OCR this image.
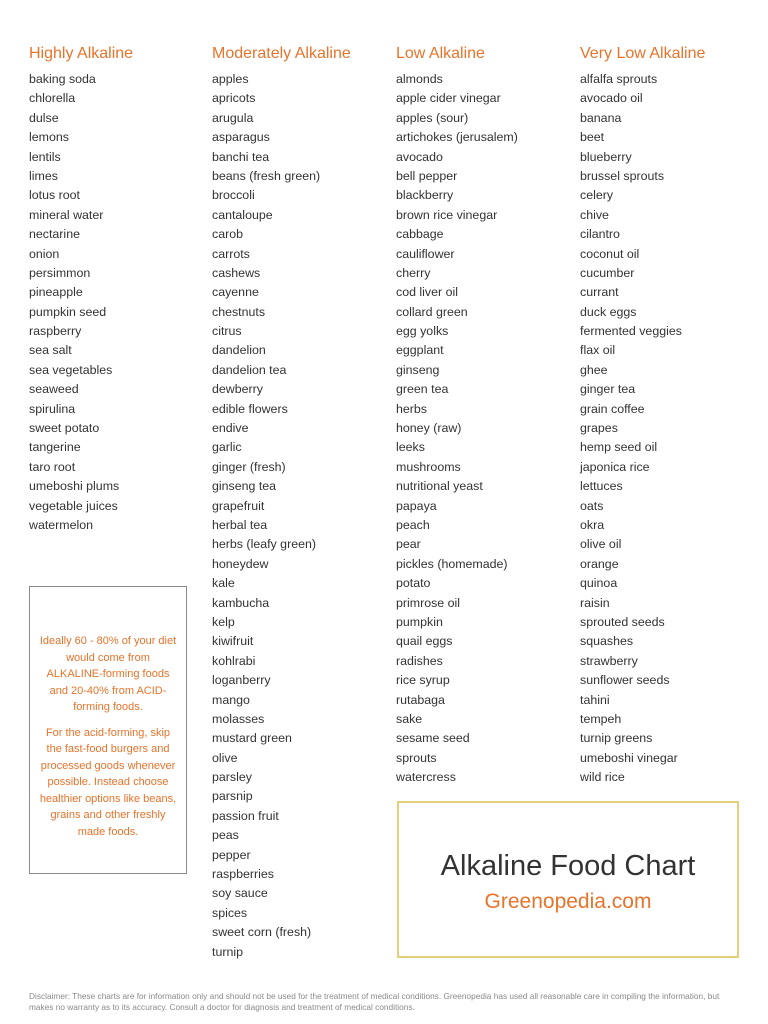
Highly Alkaline
baking soda
chlorella
dulse
lemons
lentils
limes
lotus root
mineral water
nectarine
onion
persimmon
pineapple
pumpkin seed
raspberry
sea salt
sea vegetables
seaweed
spirulina
sweet potato
tangerine
taro root
umeboshi plums
vegetable juices
watermelon
Moderately Alkaline
apples
apricots
arugula
asparagus
banchi tea
beans (fresh green)
broccoli
cantaloupe
carob
carrots
cashews
cayenne
chestnuts
citrus
dandelion
dandelion tea
dewberry
edible flowers
endive
garlic
ginger (fresh)
ginseng tea
grapefruit
herbal tea
herbs (leafy green)
honeydew
kale
kambucha
kelp
kiwifruit
kohlrabi
loganberry
mango
molasses
mustard green
olive
parsley
parsnip
passion fruit
peas
pepper
raspberries
soy sauce
spices
sweet corn (fresh)
turnip
Low Alkaline
almonds
apple cider vinegar
apples (sour)
artichokes (jerusalem)
avocado
bell pepper
blackberry
brown rice vinegar
cabbage
cauliflower
cherry
cod liver oil
collard green
egg yolks
eggplant
ginseng
green tea
herbs
honey (raw)
leeks
mushrooms
nutritional yeast
papaya
peach
pear
pickles (homemade)
potato
primrose oil
pumpkin
quail eggs
radishes
rice syrup
rutabaga
sake
sesame seed
sprouts
watercress
Very Low Alkaline
alfalfa sprouts
avocado oil
banana
beet
blueberry
brussel sprouts
celery
chive
cilantro
coconut oil
cucumber
currant
duck eggs
fermented veggies
flax oil
ghee
ginger tea
grain coffee
grapes
hemp seed oil
japonica rice
lettuces
oats
okra
olive oil
orange
quinoa
raisin
sprouted seeds
squashes
strawberry
sunflower seeds
tahini
tempeh
turnip greens
umeboshi vinegar
wild rice

Ideally 60 - 80% of your diet would come from ALKALINE-forming foods and 20-40% from ACID-forming foods.

For the acid-forming, skip the fast-food burgers and processed goods whenever possible. Instead choose healthier options like beans, grains and other freshly made foods.

Alkaline Food Chart
Greenopedia.com
Disclaimer: These charts are for information only and should not be used for the treatment of medical conditions. Greenopedia has used all reasonable care in compiling the information, but makes no warranty as to its accuracy. Consult a doctor for diagnosis and treatment of medical conditions.
